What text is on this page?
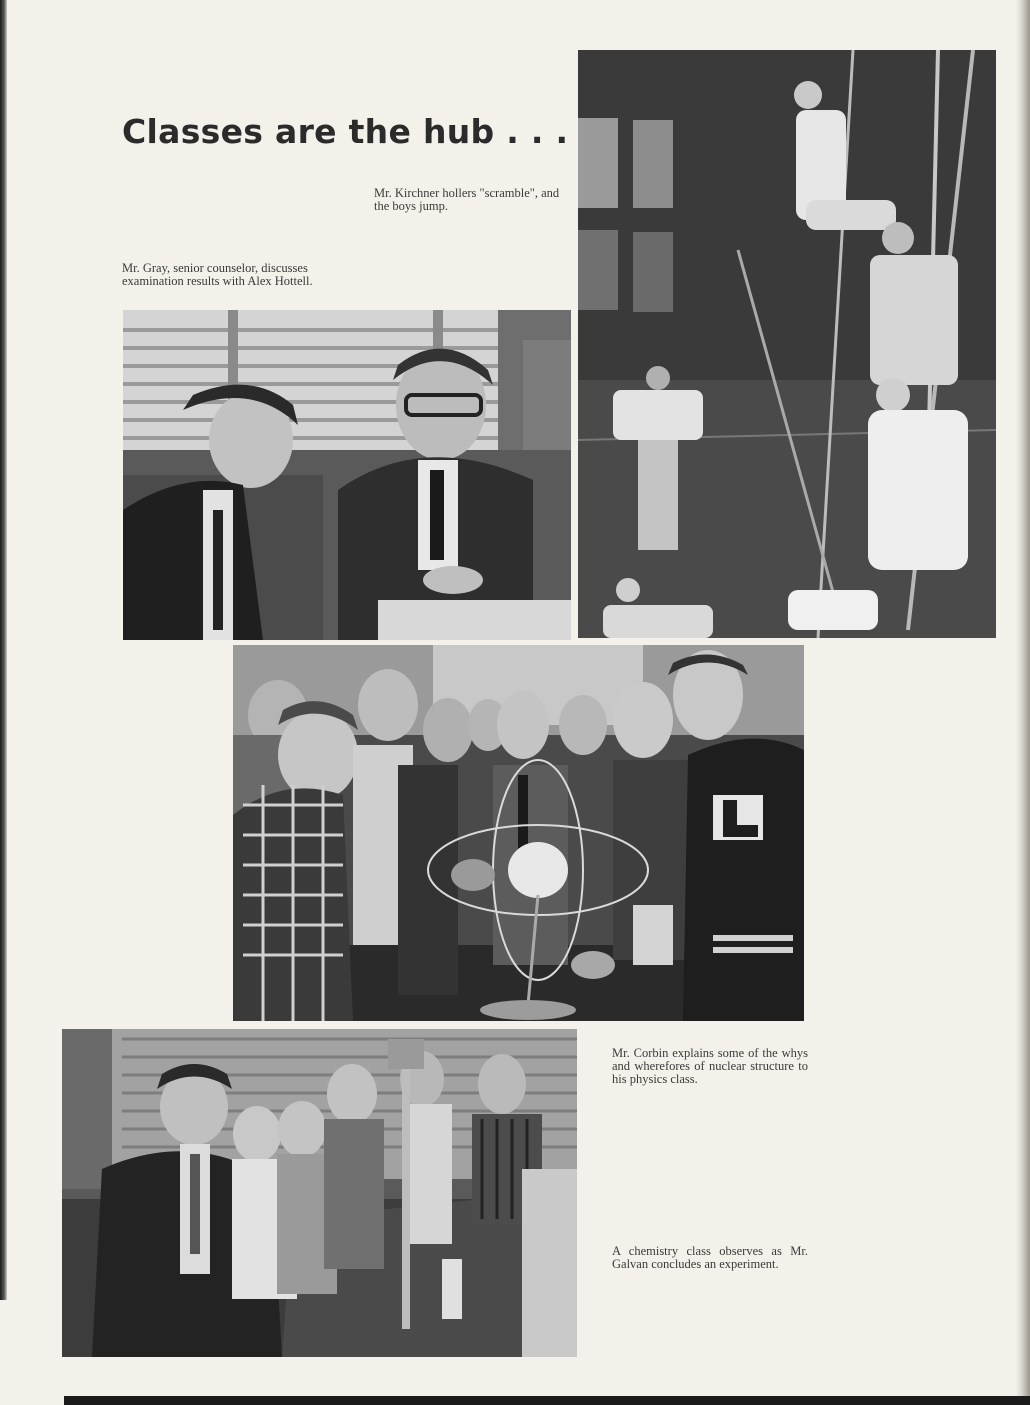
Classes are the hub . . .

Mr. Kirchner hollers "scramble", and the boys jump.

Mr. Gray, senior counselor, discusses examination results with Alex Hottell.

Mr. Corbin explains some of the whys and wherefores of nuclear structure to his physics class.

A chemistry class observes as Mr. Galvan concludes an experiment.
